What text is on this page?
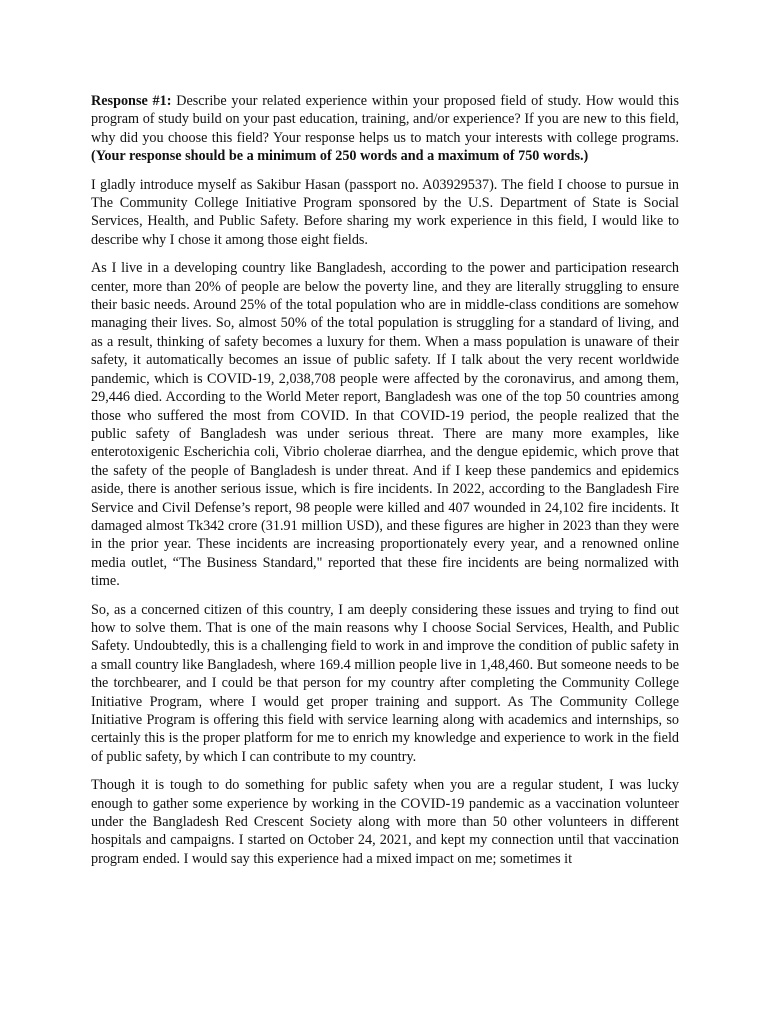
Response #1: Describe your related experience within your proposed field of study. How would this program of study build on your past education, training, and/or experience? If you are new to this field, why did you choose this field? Your response helps us to match your interests with college programs. (Your response should be a minimum of 250 words and a maximum of 750 words.)

I gladly introduce myself as Sakibur Hasan (passport no. A03929537). The field I choose to pursue in The Community College Initiative Program sponsored by the U.S. Department of State is Social Services, Health, and Public Safety. Before sharing my work experience in this field, I would like to describe why I chose it among those eight fields.

As I live in a developing country like Bangladesh, according to the power and participation research center, more than 20% of people are below the poverty line, and they are literally struggling to ensure their basic needs. Around 25% of the total population who are in middle-class conditions are somehow managing their lives. So, almost 50% of the total population is struggling for a standard of living, and as a result, thinking of safety becomes a luxury for them. When a mass population is unaware of their safety, it automatically becomes an issue of public safety. If I talk about the very recent worldwide pandemic, which is COVID-19, 2,038,708 people were affected by the coronavirus, and among them, 29,446 died. According to the World Meter report, Bangladesh was one of the top 50 countries among those who suffered the most from COVID. In that COVID-19 period, the people realized that the public safety of Bangladesh was under serious threat. There are many more examples, like enterotoxigenic Escherichia coli, Vibrio cholerae diarrhea, and the dengue epidemic, which prove that the safety of the people of Bangladesh is under threat. And if I keep these pandemics and epidemics aside, there is another serious issue, which is fire incidents. In 2022, according to the Bangladesh Fire Service and Civil Defense’s report, 98 people were killed and 407 wounded in 24,102 fire incidents. It damaged almost Tk342 crore (31.91 million USD), and these figures are higher in 2023 than they were in the prior year. These incidents are increasing proportionately every year, and a renowned online media outlet, “The Business Standard," reported that these fire incidents are being normalized with time.

So, as a concerned citizen of this country, I am deeply considering these issues and trying to find out how to solve them. That is one of the main reasons why I choose Social Services, Health, and Public Safety. Undoubtedly, this is a challenging field to work in and improve the condition of public safety in a small country like Bangladesh, where 169.4 million people live in 1,48,460. But someone needs to be the torchbearer, and I could be that person for my country after completing the Community College Initiative Program, where I would get proper training and support. As The Community College Initiative Program is offering this field with service learning along with academics and internships, so certainly this is the proper platform for me to enrich my knowledge and experience to work in the field of public safety, by which I can contribute to my country.

Though it is tough to do something for public safety when you are a regular student, I was lucky enough to gather some experience by working in the COVID-19 pandemic as a vaccination volunteer under the Bangladesh Red Crescent Society along with more than 50 other volunteers in different hospitals and campaigns. I started on October 24, 2021, and kept my connection until that vaccination program ended. I would say this experience had a mixed impact on me; sometimes it
